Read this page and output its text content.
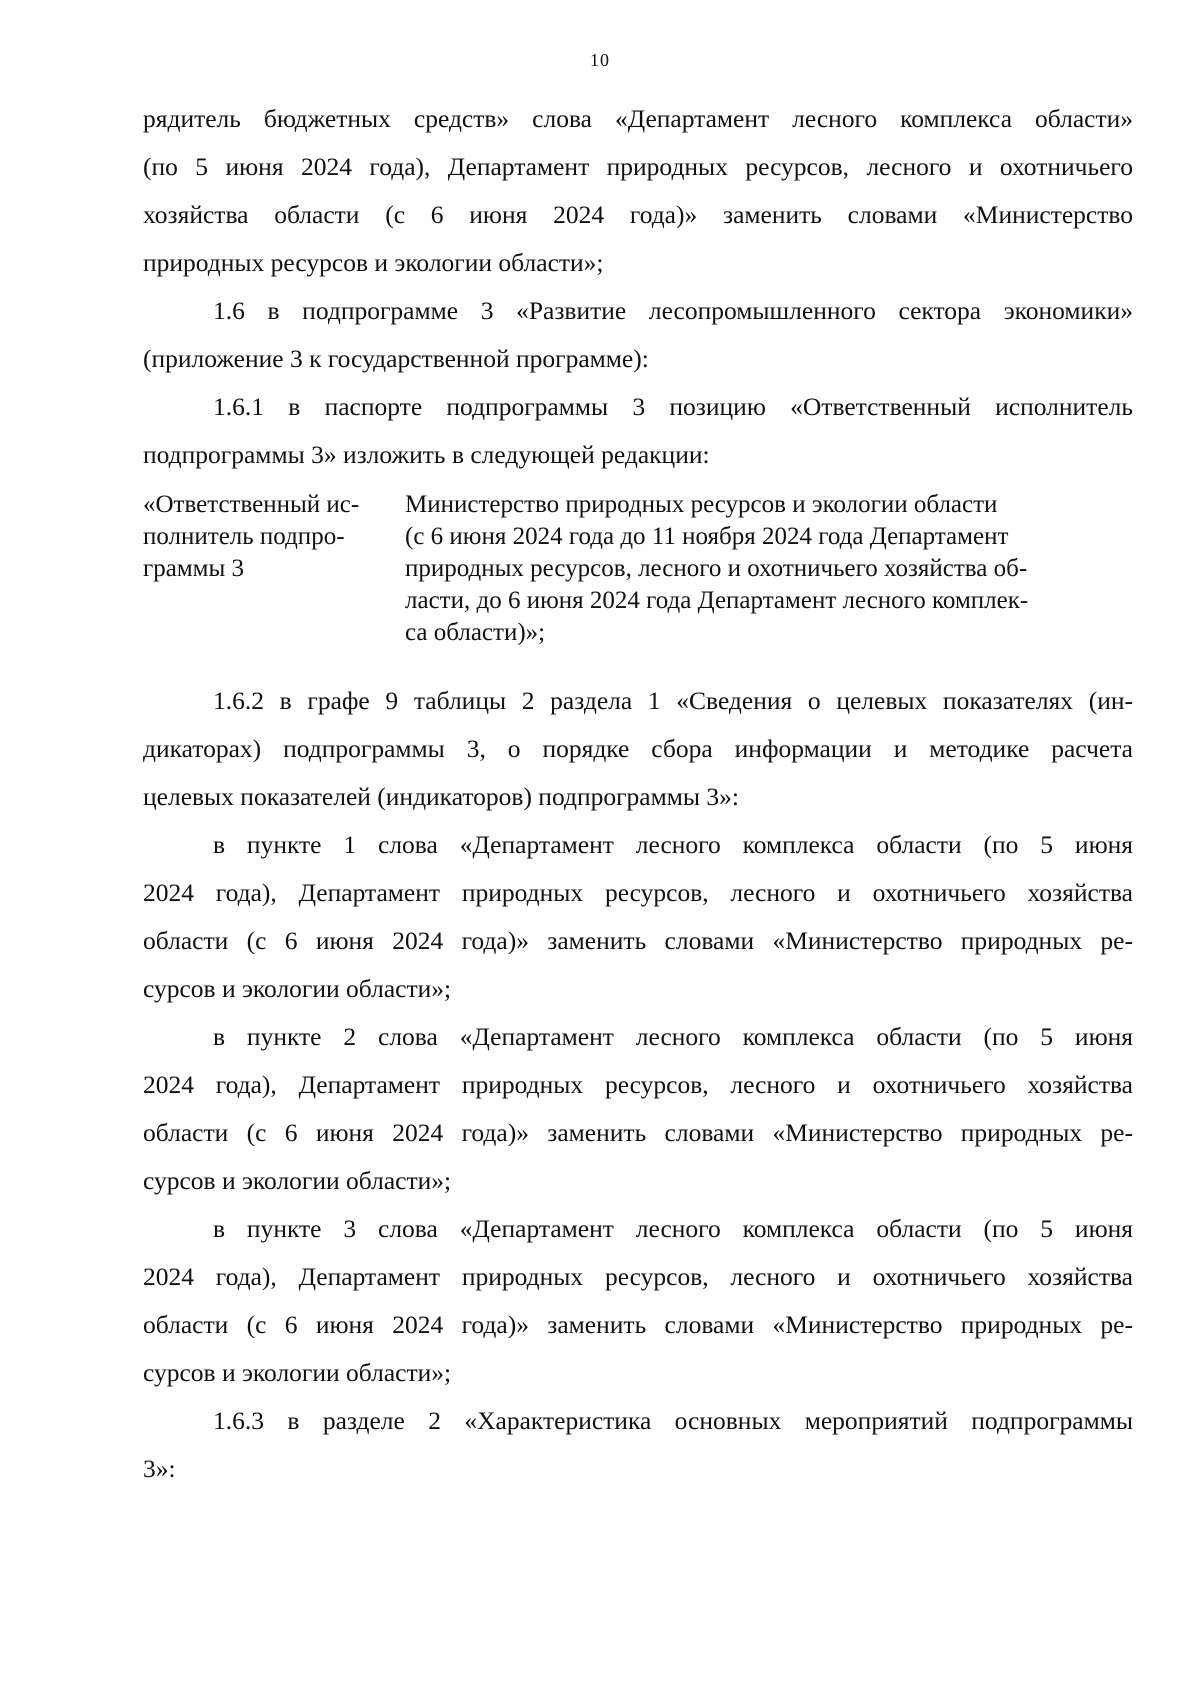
10

рядитель бюджетных средств» слова «Департамент лесного комплекса области»
(по 5 июня 2024 года), Департамент природных ресурсов, лесного и охотничьего
хозяйства области (с 6 июня 2024 года)» заменить словами «Министерство
природных ресурсов и экологии области»;

1.6 в подпрограмме 3 «Развитие лесопромышленного сектора экономики»
(приложение 3 к государственной программе):

1.6.1 в паспорте подпрограммы 3 позицию «Ответственный исполнитель
подпрограммы 3» изложить в следующей редакции:

«Ответственный ис-
полнитель подпро-
граммы 3
Министерство природных ресурсов и экологии области
(с 6 июня 2024 года до 11 ноября 2024 года Департамент
природных ресурсов, лесного и охотничьего хозяйства об-
ласти, до 6 июня 2024 года Департамент лесного комплек-
са области)»;

1.6.2 в графе 9 таблицы 2 раздела 1 «Сведения о целевых показателях (ин-
дикаторах) подпрограммы 3, о порядке сбора информации и методике расчета
целевых показателей (индикаторов) подпрограммы 3»:

в пункте 1 слова «Департамент лесного комплекса области (по 5 июня
2024 года), Департамент природных ресурсов, лесного и охотничьего хозяйства
области (с 6 июня 2024 года)» заменить словами «Министерство природных ре-
сурсов и экологии области»;

в пункте 2 слова «Департамент лесного комплекса области (по 5 июня
2024 года), Департамент природных ресурсов, лесного и охотничьего хозяйства
области (с 6 июня 2024 года)» заменить словами «Министерство природных ре-
сурсов и экологии области»;

в пункте 3 слова «Департамент лесного комплекса области (по 5 июня
2024 года), Департамент природных ресурсов, лесного и охотничьего хозяйства
области (с 6 июня 2024 года)» заменить словами «Министерство природных ре-
сурсов и экологии области»;

1.6.3 в разделе 2 «Характеристика основных мероприятий подпрограммы
3»:
